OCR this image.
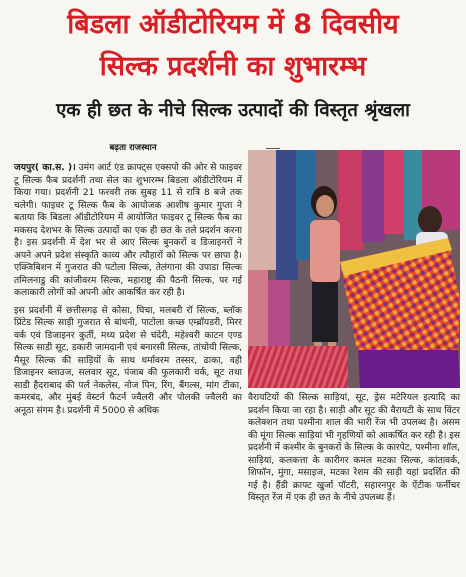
बिडला ऑडीटोरियम में 8 दिवसीय
सिल्क प्रदर्शनी का शुभारम्भ
एक ही छत के नीचे सिल्क उत्पादों की विस्तृत श्रृंखला
बढ़ता राजस्थान

जयपुर( का.स. )। उमंग आर्ट एंड क्राफ्ट्स एक्सपो की ओर से फाइवर टू सिल्क फैब प्रदर्शनी तथा सेल का शुभारम्भ बिडला ऑडीटोरियम में किया गया। प्रदर्शनी 21 फरवरी तक सुबह 11 से रात्रि 8 बजे तक चलेगी। फाइवर टू सिल्क फैब के आयोजक आशीष कुमार गुप्ता ने बताया कि बिडला ऑडीटोरियम में आयोजित फाइवर टू सिल्क फैब का मकसद देशभर के सिल्क उत्पादों का एक ही छत के तले प्रदर्शन करना है। इस प्रदर्शनी में देश भर से आए सिल्क बुनकरों व डिजाइनरों ने अपने अपने प्रदेश संस्कृति काव्य और त्यौहारों को सिल्क पर छापा है। एक्जिबिशन में गुजरात की पटोला सिल्क, तेलंगाना की उपाडा सिल्क तमिलनाडु की कांजीवरम सिल्क, महाराष्ट्र की पैठनी सिल्क, पर गई कलाकारी लोगों को अपनी ओर आकर्षित कर रही है।

इस प्रदर्शनी में छत्तीसगढ़ से कोसा, घिचा, मलबरी रॉ सिल्क, ब्लॉक प्रिंटेड सिल्क साड़ी गुजरात से बांधनी, पाटोला कच्छ एम्ब्रॉयडरी, मिरर वर्क एवं डिजाइनर कुर्ती, मध्य प्रदेश से चंदेरी, महेश्वरी काटन एण्ड सिल्क साडी सूट, डकारी जामदानी एवं बनारसी सिल्क, तांचोयी सिल्क, मैसूर सिल्क की साड़ियों के साथ धर्मावरम तस्सर, ढाका, वही डिजाइनर ब्लाउज, सलवार सूट, पंजाब की फुलकारी वर्क, सूट तथा साडी हैदराबाद की पर्ल नेकलेस, नोज पिन, रिंग, बैंगल्स, मांग टीका, कमरबंद, और मुंबई वेस्टर्न फैटर्न ज्वैलरी और पोलकी ज्वैलरी का अनूठा संगम है। प्रदर्शनी में 5000 से अधिक

वैरायटियों की सिल्क साड़ियां, सूट, ड्रेस मटेरियल इत्यादि का प्रदर्शन किया जा रहा है। साड़ी और सूट की वैरायटी के साथ विंटर कलेक्शन तथा पश्मीना शाल की भारी रेंज भी उपलब्ध है। असम की मूंगा सिल्क साड़ियां भी गृहणियों को आकर्षित कर रही है। इस प्रदर्शनी में कश्मीर के बुनकरों के सिल्क के कारपेट, पश्मीना शॉल, साड़ियां, कलकत्ता के कारीगर कमल मटका सिल्क, कांतावर्क, शिफॉन, मुंगा, मसाइज, मटका रेशम की साड़ी यहां प्रदर्शित की गई है। हैंडी क्राफ्ट खुर्जा पॉटरी, सहारनपुर के ऐंटीक फर्नीचर विस्तृत रेंज में एक ही छत के नीचे उपलब्ध हैं।
